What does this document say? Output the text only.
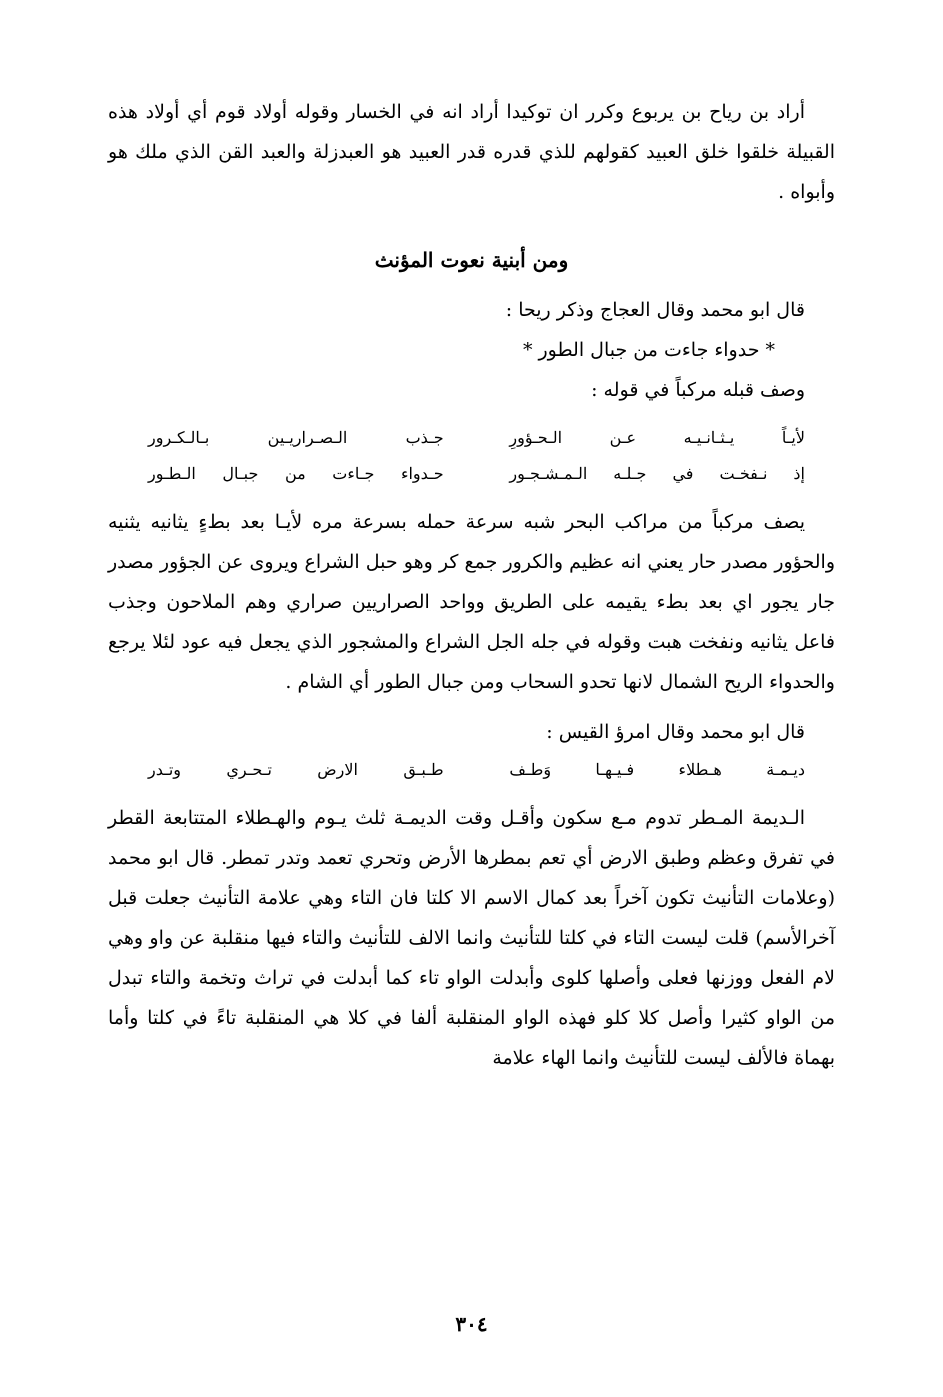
أراد بن رياح بن يربوع وكرر ان توكيدا أراد انه في الخسار وقوله أولاد قوم أي أولاد هذه القبيلة خلقوا خلق العبيد كقولهم للذي قدره قدر العبيد هو العبدزلة والعبد القن الذي ملك هو وأبواه .

ومن أبنية نعوت المؤنث

قال ابو محمد وقال العجاج وذكر ريحا :

* حدواء جاءت من جبال الطور *

وصف قبله مركباً في قوله :

لأيـاً يـثـانـيـه عـن الـحـؤورِ
جـذب الـصـراريـين بـالـكـرور
إذ نـفخـت في جـلـه الـمـشـجـور
حـدواء جـاءت من جبـال الـطـور

يصف مركباً من مراكب البحر شبه سرعة حمله بسرعة مره لأيـا بعد بطءٍ يثانيه يثنيه والحؤور مصدر حار يعني انه عظيم والكرور جمع كر وهو حبل الشراع ويروى عن الجؤور مصدر جار يجور اي بعد بطء يقيمه على الطريق وواحد الصراريين صراري وهم الملاحون وجذب فاعل يثانيه ونفخت هبت وقوله في جله الجل الشراع والمشجور الذي يجعل فيه عود لئلا يرجع والحدواء الريح الشمال لانها تحدو السحاب ومن جبال الطور أي الشام .

قال ابو محمد وقال امرؤ القيس :

ديـمـة هـطلاء فـيـهـا وَطـف
طـبـق الارض تـحـري وتـدر

الـديمة المـطر تدوم مـع سكون وأقـل وقت الديمـة ثلث يـوم والهـطلاء المتتابعة القطر في تفرق وعظم وطبق الارض أي تعم بمطرها الأرض وتحري تعمد وتدر تمطر. قال ابو محمد (وعلامات التأنيث تكون آخراً بعد كمال الاسم الا كلتا فان التاء وهي علامة التأنيث جعلت قبل آخرالأسم) قلت ليست التاء في كلتا للتأنيث وانما الالف للتأنيث والتاء فيها منقلبة عن واو وهي لام الفعل ووزنها فعلى وأصلها كلوى وأبدلت الواو تاء كما أبدلت في تراث وتخمة والتاء تبدل من الواو كثيرا وأصل كلا كلو فهذه الواو المنقلبة ألفا في كلا هي المنقلبة تاءً في كلتا وأما بهماة فالألف ليست للتأنيث وانما الهاء علامة

٣٠٤
